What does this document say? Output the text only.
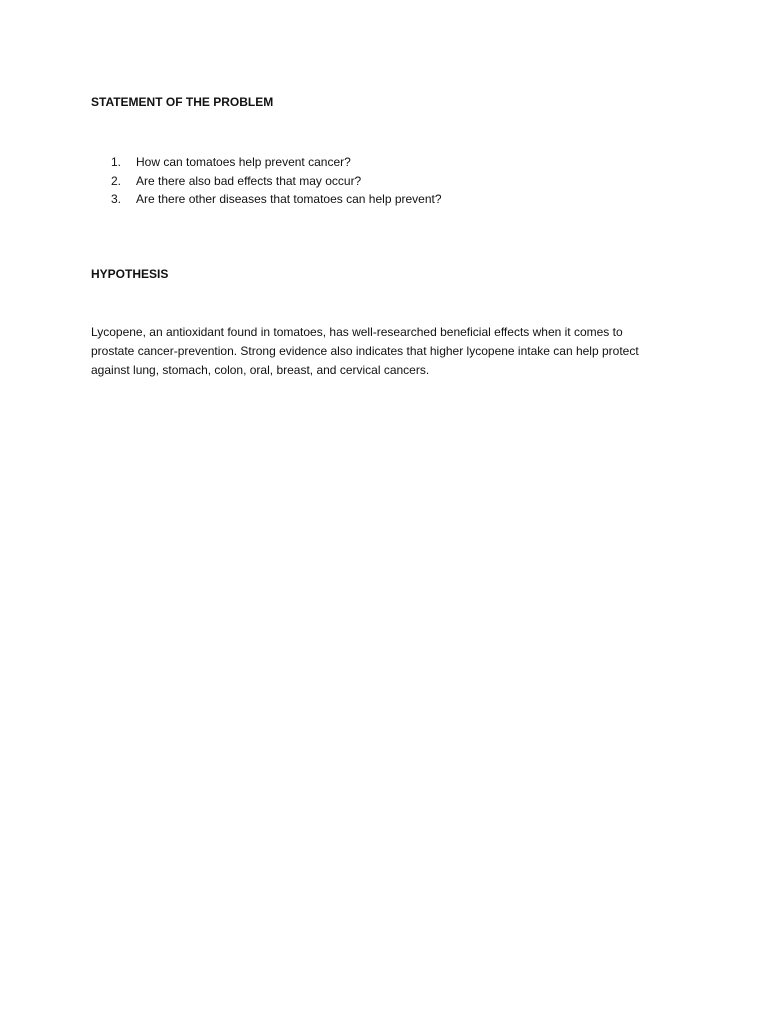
STATEMENT OF THE PROBLEM
1. How can tomatoes help prevent cancer?
2. Are there also bad effects that may occur?
3. Are there other diseases that tomatoes can help prevent?
HYPOTHESIS

Lycopene, an antioxidant found in tomatoes, has well-researched beneficial effects when it comes to
prostate cancer-prevention. Strong evidence also indicates that higher lycopene intake can help protect
against lung, stomach, colon, oral, breast, and cervical cancers.
